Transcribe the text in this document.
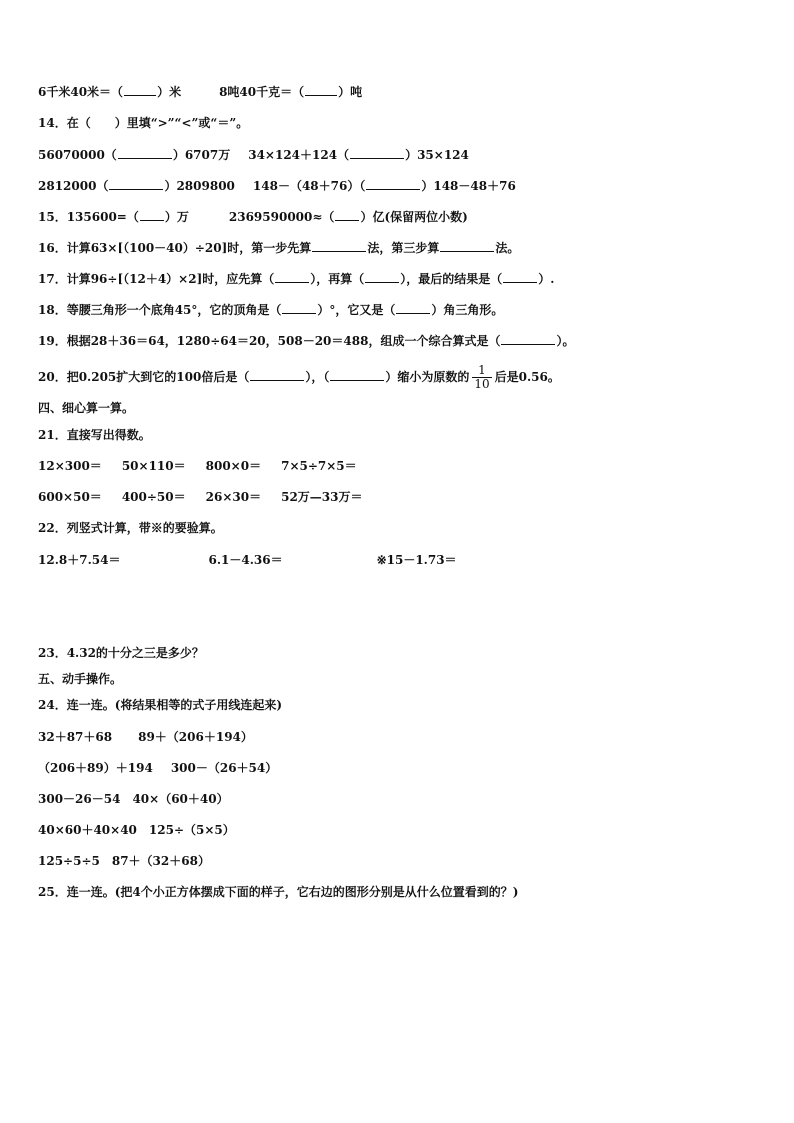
6千米40米＝（	）米	8吨40千克＝（	）吨
14．在（　　）里填“>”“<”或“＝”。
56070000（	）6707万 34×124＋124（	）35×124
2812000（	）2809800 148－（48＋76）（	）148－48＋76
15．135600=（ ）万	2369590000≈（ ）亿(保留两位小数)
16．计算63×[（100－40）÷20]时，第一步先算	法，第三步算	法。
17．计算96÷[（12＋4）×2]时，应先算（	），再算（	），最后的结果是（	）.
18．等腰三角形一个底角45°，它的顶角是（	）°，它又是（	）角三角形。
19．根据28＋36＝64，1280÷64＝20，508－20＝488，组成一个综合算式是（	）。
20．把0.205扩大到它的100倍后是（	），（	）缩小为原数的 $\frac{1}{10}$ 后是0.56。
四、细心算一算。
21．直接写出得数。
12×300＝ 50×110＝ 800×0＝ 7×5÷7×5＝
600×50＝ 400÷50＝ 26×30＝ 52万—33万＝
22．列竖式计算，带※的要验算。
12.8＋7.54＝	6.1－4.36＝	※15－1.73＝
23．4.32的十分之三是多少？
五、动手操作。
24．连一连。(将结果相等的式子用线连起来)
32＋87＋68 89＋（206＋194）
（206＋89）＋194 300－（26＋54）
300－26－54 40×（60＋40）
40×60＋40×40 125÷（5×5）
125÷5÷5 87＋（32＋68）
25．连一连。(把4个小正方体摆成下面的样子，它右边的图形分别是从什么位置看到的？)
